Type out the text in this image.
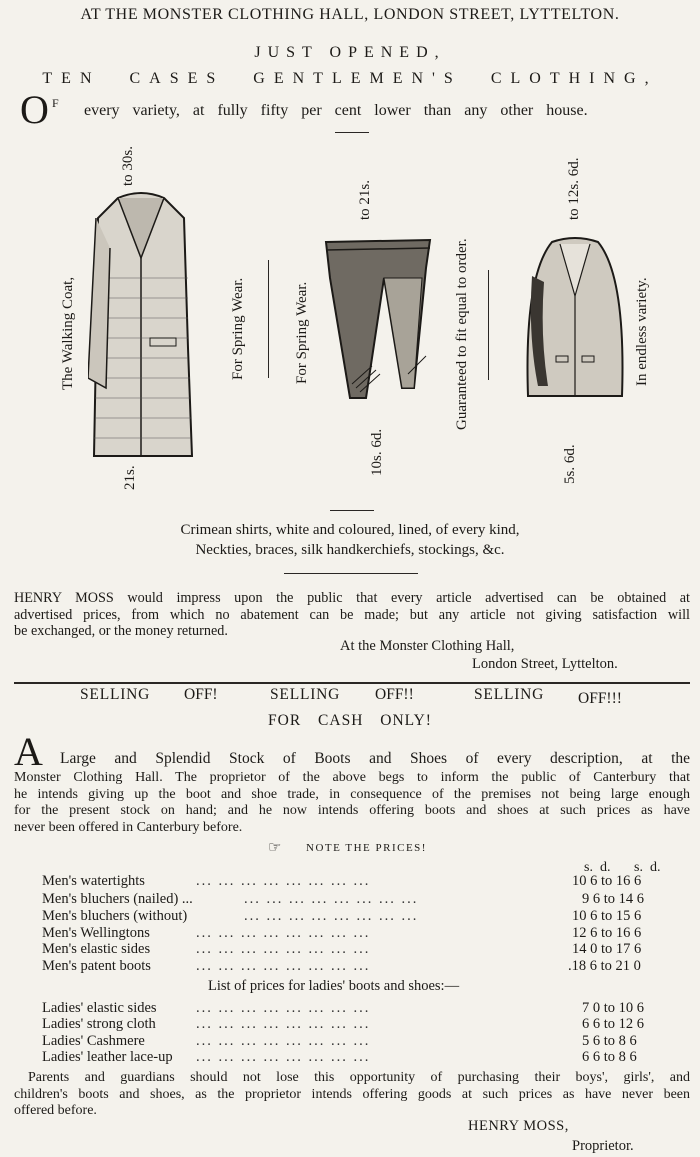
AT THE MONSTER CLOTHING HALL, LONDON STREET, LYTTELTON.
JUST OPENED,
TEN CASES GENTLEMEN'S CLOTHING,
O F every variety, at fully fifty per cent lower than any other house.
to 30s.
The Walking Coat,
21s.
For Spring Wear.	For Spring Wear.
to 21s.
10s. 6d.
Guaranteed to fit equal to order.
to 12s. 6d.
5s. 6d.
In endless variety.
Crimean shirts, white and coloured, lined, of every kind,
Neckties, braces, silk handkerchiefs, stockings, &c.
HENRY MOSS would impress upon the public that every article advertised can be obtained at
advertised prices, from which no abatement can be made; but any article not giving satisfaction will
be exchanged, or the money returned.
At the Monster Clothing Hall,
London Street, Lyttelton.
SELLING OFF!	SELLING OFF!!	SELLING OFF!!!
FOR CASH ONLY!
A Large and Splendid Stock of Boots and Shoes of every description, at the
Monster Clothing Hall. The proprietor of the above begs to inform the public of Canterbury that
he intends giving up the boot and shoe trade, in consequence of the premises not being large enough
for the present stock on hand; and he now intends offering boots and shoes at such prices as have
never been offered in Canterbury before.
☞ NOTE THE PRICES!
s. d. s. d.
Men's watertights	... ... ... ... ... ... ... ...	10 6 to 16 6
Men's bluchers (nailed) ...	... ... ... ... ... ... ... ...	9 6 to 14 6
Men's bluchers (without)	... ... ... ... ... ... ... ...	10 6 to 15 6
Men's Wellingtons	... ... ... ... ... ... ... ...	12 6 to 16 6
Men's elastic sides	... ... ... ... ... ... ... ...	14 0 to 17 6
Men's patent boots	... ... ... ... ... ... ... ...	.18 6 to 21 0
List of prices for ladies' boots and shoes:—
Ladies' elastic sides	... ... ... ... ... ... ... ...	7 0 to 10 6
Ladies' strong cloth	... ... ... ... ... ... ... ...	6 6 to 12 6
Ladies' Cashmere	... ... ... ... ... ... ... ...	5 6 to 8 6
Ladies' leather lace-up ... ... ... ... ... ... ... ...	6 6 to 8 6
Parents and guardians should not lose this opportunity of purchasing their boys', girls', and
children's boots and shoes, as the proprietor intends offering goods at such prices as have never been
offered before.
HENRY MOSS,
Proprietor.
